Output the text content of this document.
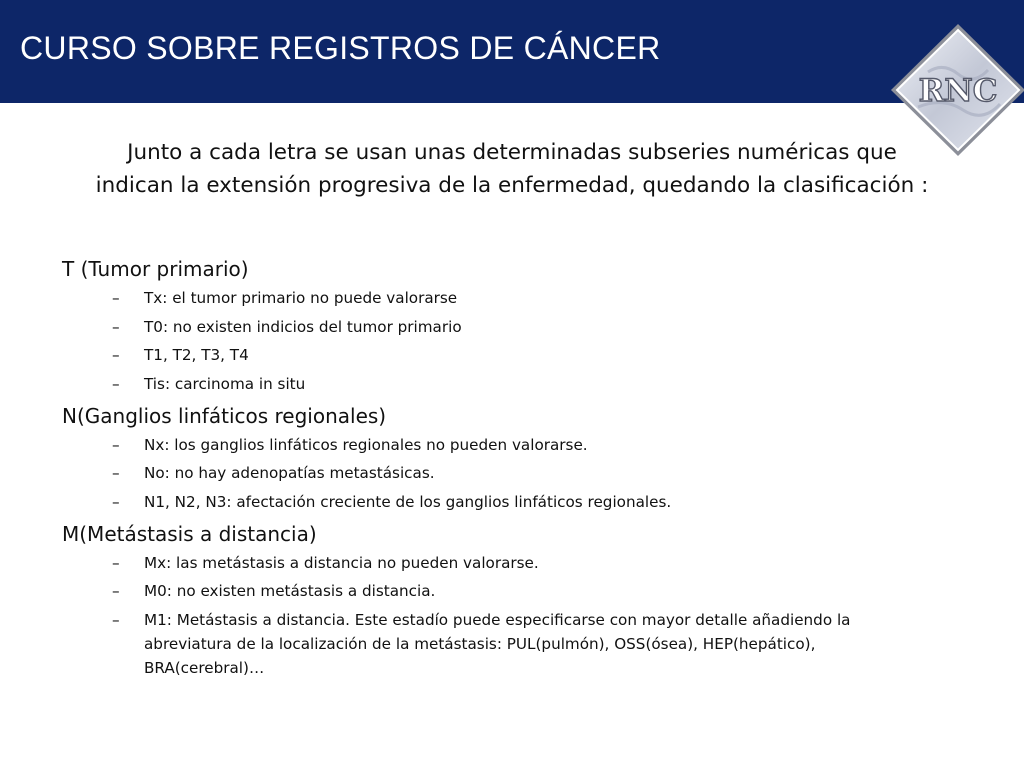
CURSO SOBRE REGISTROS DE CÁNCER
RNC
Junto a cada letra se usan unas determinadas subseries numéricas que
indican la extensión progresiva de la enfermedad, quedando la clasificación :
T (Tumor primario)
– Tx: el tumor primario no puede valorarse
– T0: no existen indicios del tumor primario
– T1, T2, T3, T4
– Tis: carcinoma in situ
N(Ganglios linfáticos regionales)
– Nx: los ganglios linfáticos regionales no pueden valorarse.
– No: no hay adenopatías metastásicas.
– N1, N2, N3: afectación creciente de los ganglios linfáticos regionales.
M(Metástasis a distancia)
– Mx: las metástasis a distancia no pueden valorarse.
– M0: no existen metástasis a distancia.
– M1: Metástasis a distancia. Este estadío puede especificarse con mayor detalle añadiendo la
abreviatura de la localización de la metástasis: PUL(pulmón), OSS(ósea), HEP(hepático),
BRA(cerebral)…
